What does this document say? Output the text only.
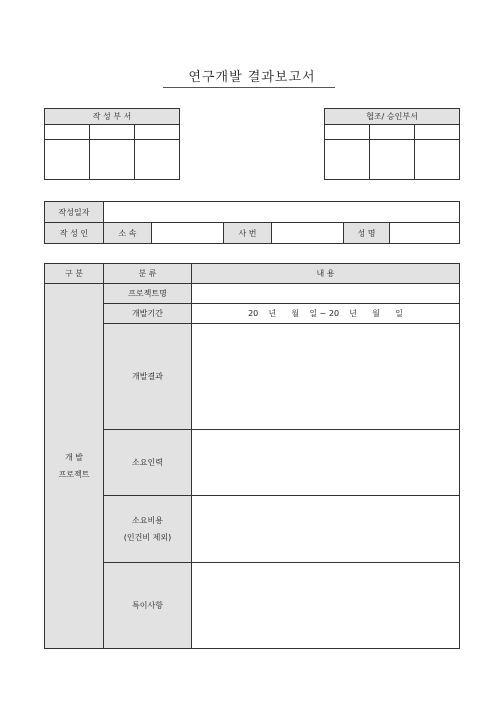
연구개발 결과보고서
작 성 부 서		

			협조/ 승인부서		

작성일자						
작 성 인	소 속		사 번		성 명	
구 분	분 류	내 용

개 발
프로젝트	프로젝트명	
	개발기간	20    년      월    일 ~ 20    년      월      일
	개발결과	
	소요인력	

	소요비용
(인건비 제외)	

	특이사항	
